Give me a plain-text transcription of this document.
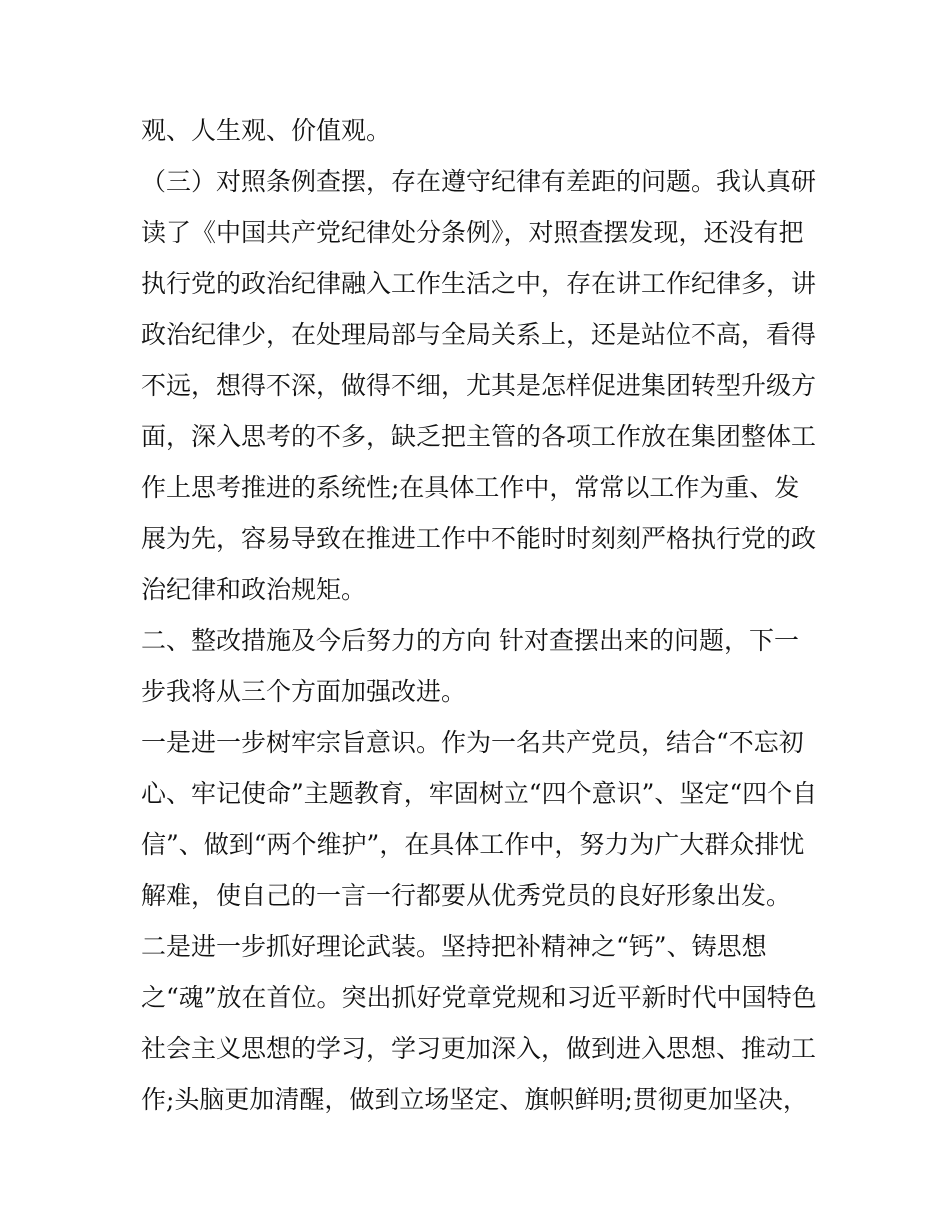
观、人生观、价值观。
（三）对照条例查摆，存在遵守纪律有差距的问题。我认真研
读了《中国共产党纪律处分条例》，对照查摆发现，还没有把
执行党的政治纪律融入工作生活之中，存在讲工作纪律多，讲
政治纪律少，在处理局部与全局关系上，还是站位不高，看得
不远，想得不深，做得不细，尤其是怎样促进集团转型升级方
面，深入思考的不多，缺乏把主管的各项工作放在集团整体工
作上思考推进的系统性;在具体工作中，常常以工作为重、发
展为先，容易导致在推进工作中不能时时刻刻严格执行党的政
治纪律和政治规矩。
二、整改措施及今后努力的方向 针对查摆出来的问题，下一
步我将从三个方面加强改进。
一是进一步树牢宗旨意识。作为一名共产党员，结合“不忘初
心、牢记使命”主题教育，牢固树立“四个意识”、坚定“四个自
信”、做到“两个维护”，在具体工作中，努力为广大群众排忧
解难，使自己的一言一行都要从优秀党员的良好形象出发。
二是进一步抓好理论武装。坚持把补精神之“钙”、铸思想
之“魂”放在首位。突出抓好党章党规和习近平新时代中国特色
社会主义思想的学习，学习更加深入，做到进入思想、推动工
作;头脑更加清醒，做到立场坚定、旗帜鲜明;贯彻更加坚决，
